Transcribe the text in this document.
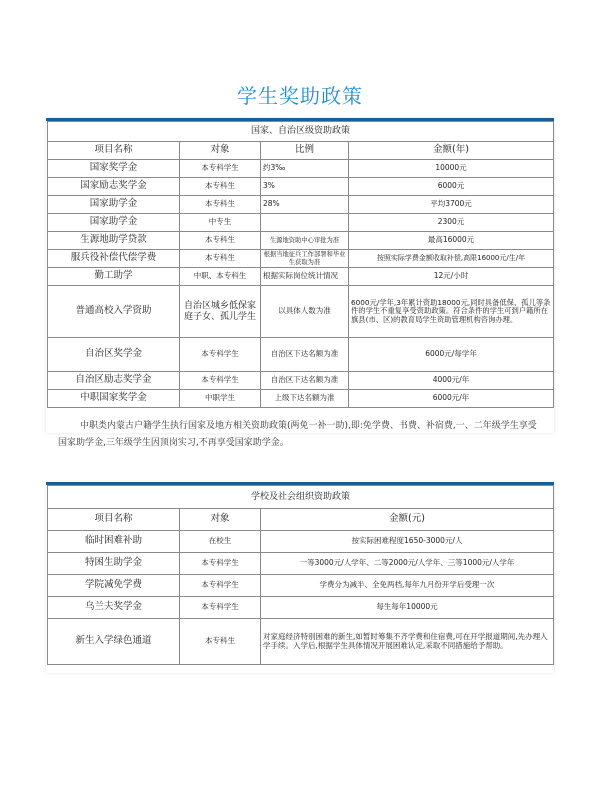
学生奖助政策
国家、自治区级资助政策			
项目名称	对象	比例	金额(年)
国家奖学金	本专科学生	约3‰	10000元
国家励志奖学金	本专科生	3%	6000元
国家助学金	本专科生	28%	平均3700元
国家助学金	中专生		2300元
生源地助学贷款	本专科生	生源地资助中心审批为准	最高16000元
服兵役补偿代偿学费	本专科生	根据当地征兵工作部署和毕业生获取为准	按照实际学费金额收取补偿,高限16000元/生/年
勤工助学	中职、本专科生	根据实际岗位统计情况	12元/小时
普通高校入学资助	自治区城乡低保家庭子女、孤儿学生	以具体人数为准	6000元/学年,3年累计资助18000元,同时具备低保、孤儿等条件的学生不重复享受资助政策。符合条件的学生可到户籍所在旗县(市、区)的教育局学生资助管理机构咨询办理。
自治区奖学金	本专科学生	自治区下达名额为准	6000元/每学年
自治区励志奖学金	本专科学生	自治区下达名额为准	4000元/年
中职国家奖学金	中职学生	上级下达名额为准	6000元/年
中职类内蒙古户籍学生执行国家及地方相关资助政策(两免一补一助),即:免学费、书费、补宿费,一、二年级学生享受国家助学金,三年级学生因顶岗实习,不再享受国家助学金。
学校及社会组织资助政策		
项目名称	对象	金额(元)
临时困难补助	在校生	按实际困难程度1650-3000元/人
特困生助学金	本专科学生	一等3000元/人学年、二等2000元/人学年、三等1000元/人学年
学院减免学费	本专科学生	学费分为减半、全免两档,每年九月份开学后受理一次
乌兰夫奖学金	本专科学生	每生每年10000元
新生入学绿色通道	本专科生	对家庭经济特别困难的新生,如暂时筹集不齐学费和住宿费,可在开学报道期间,先办理入学手续。入学后,根据学生具体情况开展困难认定,采取不同措施给予帮助。
